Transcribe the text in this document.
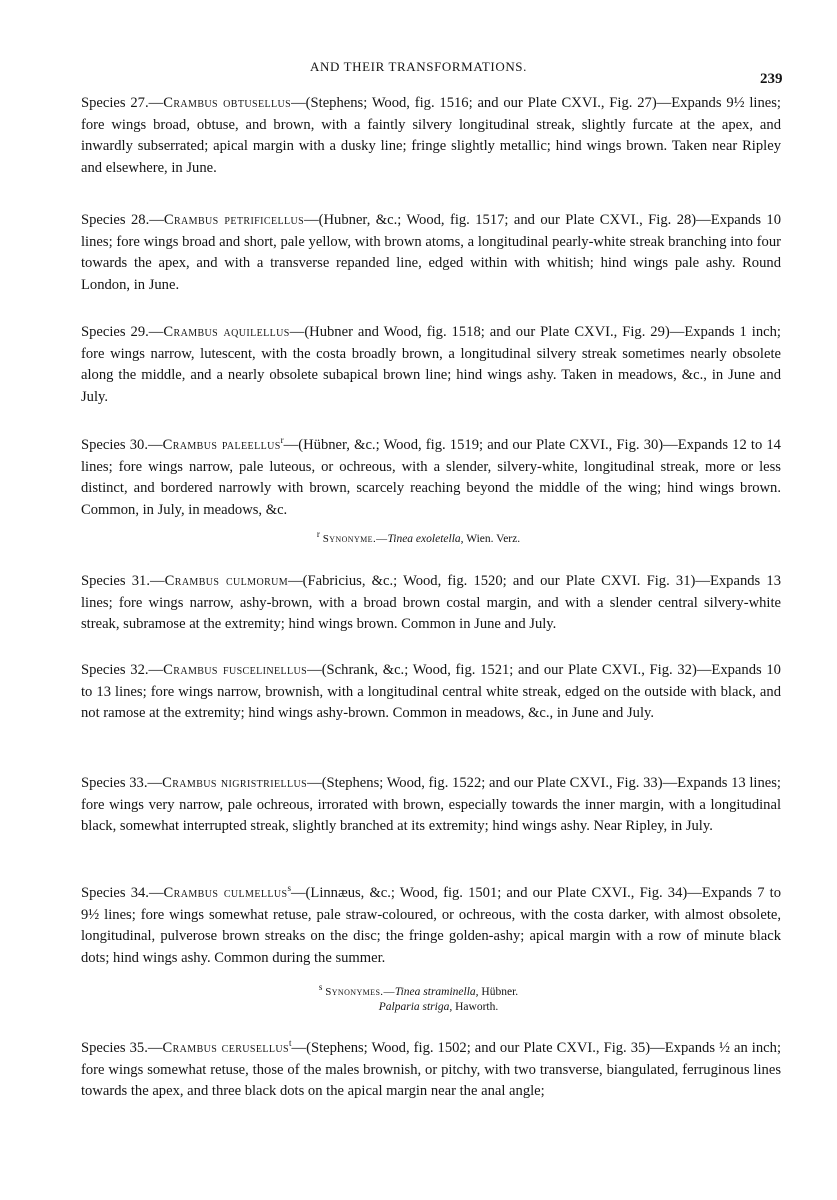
AND THEIR TRANSFORMATIONS.
239
Species 27.—Crambus obtusellus—(Stephens; Wood, fig. 1516; and our Plate CXVI., Fig. 27)—Expands 9½ lines; fore wings broad, obtuse, and brown, with a faintly silvery longitudinal streak, slightly furcate at the apex, and inwardly subserrated; apical margin with a dusky line; fringe slightly metallic; hind wings brown. Taken near Ripley and elsewhere, in June.
Species 28.—Crambus petrificellus—(Hubner, &c.; Wood, fig. 1517; and our Plate CXVI., Fig. 28)—Expands 10 lines; fore wings broad and short, pale yellow, with brown atoms, a longitudinal pearly-white streak branching into four towards the apex, and with a transverse repanded line, edged within with whitish; hind wings pale ashy. Round London, in June.
Species 29.—Crambus aquilellus—(Hubner and Wood, fig. 1518; and our Plate CXVI., Fig. 29)—Expands 1 inch; fore wings narrow, lutescent, with the costa broadly brown, a longitudinal silvery streak sometimes nearly obsolete along the middle, and a nearly obsolete subapical brown line; hind wings ashy. Taken in meadows, &c., in June and July.
Species 30.—Crambus paleellus$^r$—(Hübner, &c.; Wood, fig. 1519; and our Plate CXVI., Fig. 30)—Expands 12 to 14 lines; fore wings narrow, pale luteous, or ochreous, with a slender, silvery-white, longitudinal streak, more or less distinct, and bordered narrowly with brown, scarcely reaching beyond the middle of the wing; hind wings brown. Common, in July, in meadows, &c.
$^r$ Synonyme.—Tinea exoletella, Wien. Verz.
Species 31.—Crambus culmorum—(Fabricius, &c.; Wood, fig. 1520; and our Plate CXVI. Fig. 31)—Expands 13 lines; fore wings narrow, ashy-brown, with a broad brown costal margin, and with a slender central silvery-white streak, subramose at the extremity; hind wings brown. Common in June and July.
Species 32.—Crambus fuscelinellus—(Schrank, &c.; Wood, fig. 1521; and our Plate CXVI., Fig. 32)—Expands 10 to 13 lines; fore wings narrow, brownish, with a longitudinal central white streak, edged on the outside with black, and not ramose at the extremity; hind wings ashy-brown. Common in meadows, &c., in June and July.
Species 33.—Crambus nigristriellus—(Stephens; Wood, fig. 1522; and our Plate CXVI., Fig. 33)—Expands 13 lines; fore wings very narrow, pale ochreous, irrorated with brown, especially towards the inner margin, with a longitudinal black, somewhat interrupted streak, slightly branched at its extremity; hind wings ashy. Near Ripley, in July.
Species 34.—Crambus culmellus$^s$—(Linnæus, &c.; Wood, fig. 1501; and our Plate CXVI., Fig. 34)—Expands 7 to 9½ lines; fore wings somewhat retuse, pale straw-coloured, or ochreous, with the costa darker, with almost obsolete, longitudinal, pulverose brown streaks on the disc; the fringe golden-ashy; apical margin with a row of minute black dots; hind wings ashy. Common during the summer.
$^s$ Synonymes.—Tinea straminella, Hübner.
Palparia striga, Haworth.
Species 35.—Crambus cerusellus$^t$—(Stephens; Wood, fig. 1502; and our Plate CXVI., Fig. 35)—Expands ½ an inch; fore wings somewhat retuse, those of the males brownish, or pitchy, with two transverse, biangulated, ferruginous lines towards the apex, and three black dots on the apical margin near the anal angle;
